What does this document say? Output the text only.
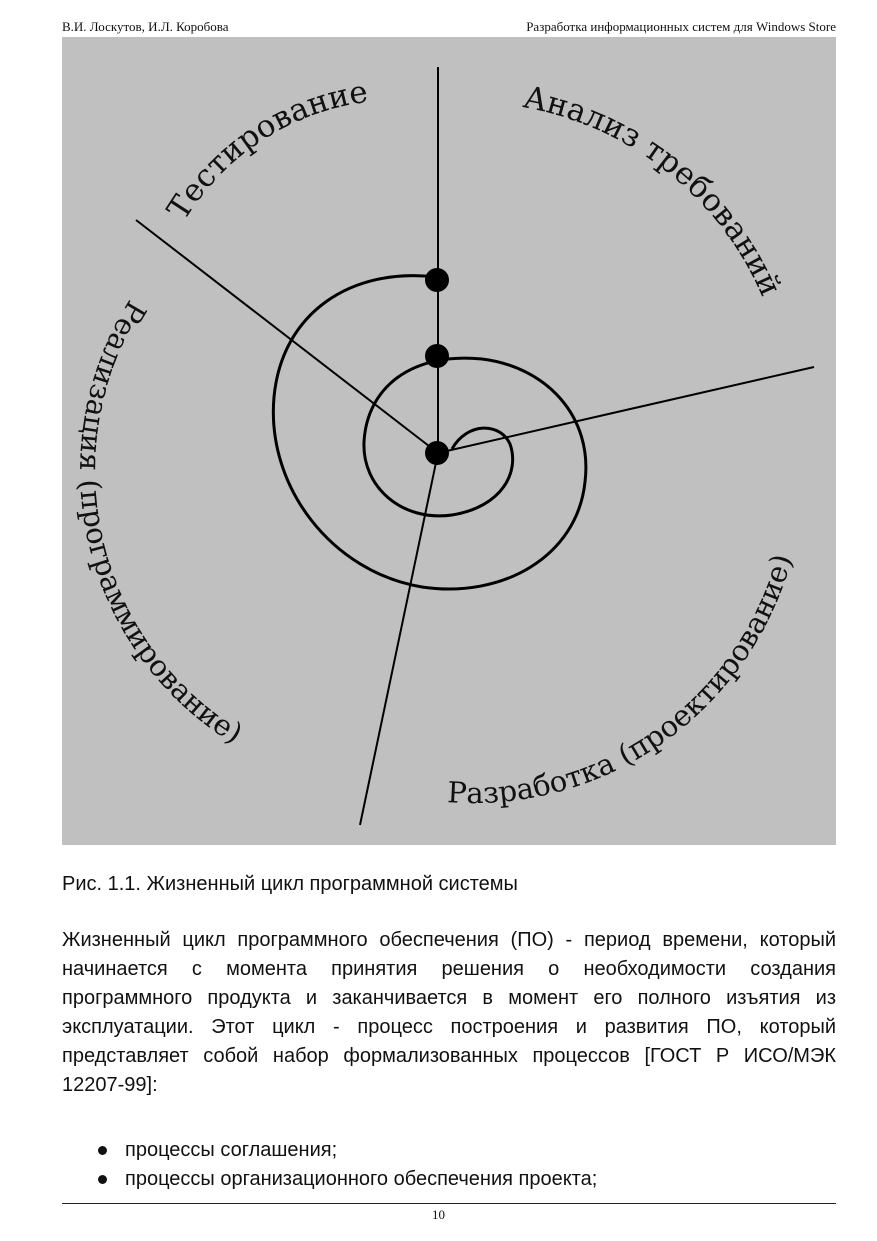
В.И. Лоскутов, И.Л. Коробова	Разработка информационных систем для Windows Store
Тестирование	Анализ требований
Реализация (программирование)
Разработка (проектирование)
Рис. 1.1. Жизненный цикл программной системы

Жизненный цикл программного обеспечения (ПО) - период времени, который начинается с момента принятия решения о необходимости создания программного продукта и заканчивается в момент его полного изъятия из эксплуатации. Этот цикл - процесс построения и развития ПО, который представляет собой набор формализованных процессов [ГОСТ Р ИСО/МЭК 12207-99]:

процессы соглашения;
процессы организационного обеспечения проекта;
10
